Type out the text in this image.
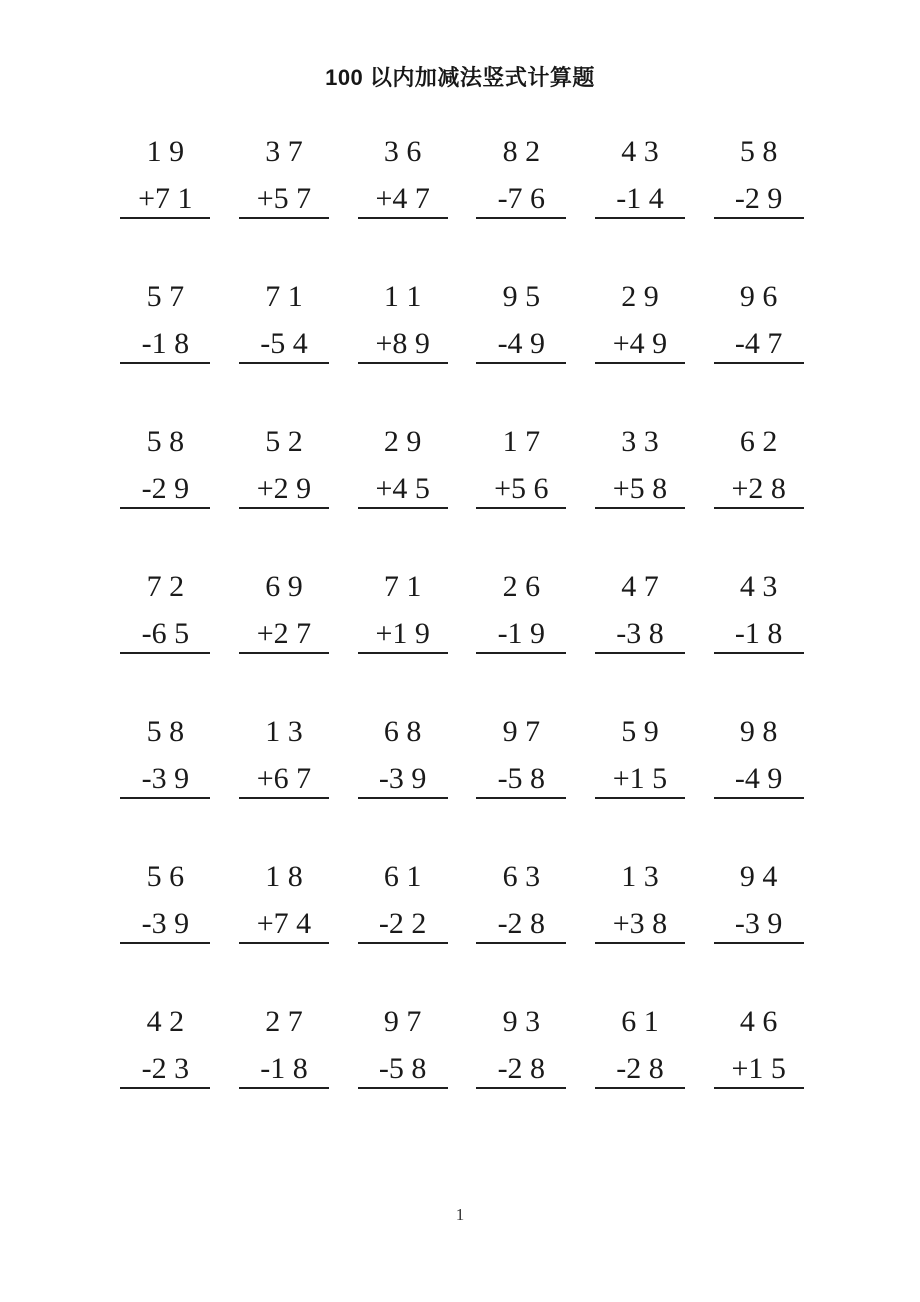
100 以内加减法竖式计算题
1 9
+7 1
3 7
+5 7
3 6
+4 7
8 2
-7 6
4 3
-1 4
5 8
-2 9
5 7
-1 8
7 1
-5 4
1 1
+8 9
9 5
-4 9
2 9
+4 9
9 6
-4 7
5 8
-2 9
5 2
+2 9
2 9
+4 5
1 7
+5 6
3 3
+5 8
6 2
+2 8
7 2
-6 5
6 9
+2 7
7 1
+1 9
2 6
-1 9
4 7
-3 8
4 3
-1 8
5 8
-3 9
1 3
+6 7
6 8
-3 9
9 7
-5 8
5 9
+1 5
9 8
-4 9
5 6
-3 9
1 8
+7 4
6 1
-2 2
6 3
-2 8
1 3
+3 8
9 4
-3 9
4 2
-2 3
2 7
-1 8
9 7
-5 8
9 3
-2 8
6 1
-2 8
4 6
+1 5
1
